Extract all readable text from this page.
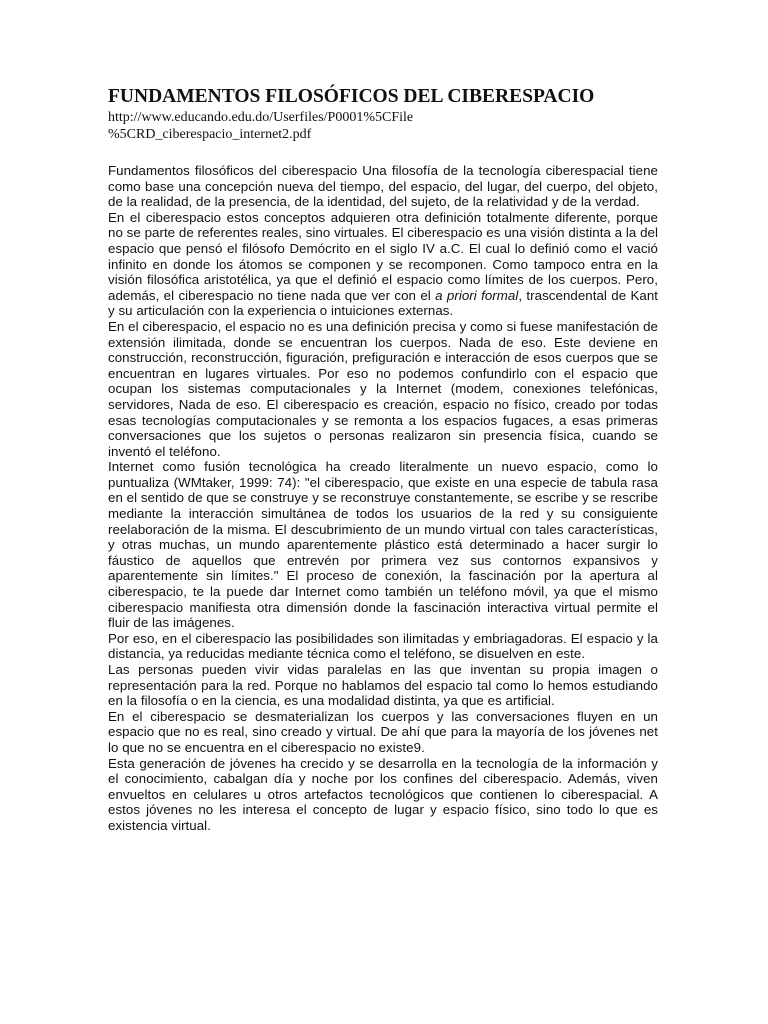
FUNDAMENTOS FILOSÓFICOS DEL CIBERESPACIO
http://www.educando.edu.do/Userfiles/P0001%5CFile
%5CRD_ciberespacio_internet2.pdf

Fundamentos filosóficos del ciberespacio Una filosofía de la tecnología ciberespacial tiene como base una concepción nueva del tiempo, del espacio, del lugar, del cuerpo, del objeto, de la realidad, de la presencia, de la identidad, del sujeto, de la relatividad y de la verdad.

En el ciberespacio estos conceptos adquieren otra definición totalmente diferente, porque no se parte de referentes reales, sino virtuales. El ciberespacio es una visión distinta a la del espacio que pensó el filósofo Demócrito en el siglo IV a.C. El cual lo definió como el vació infinito en donde los átomos se componen y se recomponen. Como tampoco entra en la visión filosófica aristotélica, ya que el definió el espacio como límites de los cuerpos. Pero, además, el ciberespacio no tiene nada que ver con el a priori formal, trascendental de Kant y su articulación con la experiencia o intuiciones externas.

En el ciberespacio, el espacio no es una definición precisa y como si fuese manifestación de extensión ilimitada, donde se encuentran los cuerpos. Nada de eso. Este deviene en construcción, reconstrucción, figuración, prefiguración e interacción de esos cuerpos que se encuentran en lugares virtuales. Por eso no podemos confundirlo con el espacio que ocupan los sistemas computacionales y la Internet (modem, conexiones telefónicas, servidores, Nada de eso. El ciberespacio es creación, espacio no físico, creado por todas esas tecnologías computacionales y se remonta a los espacios fugaces, a esas primeras conversaciones que los sujetos o personas realizaron sin presencia física, cuando se inventó el teléfono.

Internet como fusión tecnológica ha creado literalmente un nuevo espacio, como lo puntualiza (WMtaker, 1999: 74): "el ciberespacio, que existe en una especie de tabula rasa en el sentido de que se construye y se reconstruye constantemente, se escribe y se rescribe mediante la interacción simultánea de todos los usuarios de la red y su consiguiente reelaboración de la misma. El descubrimiento de un mundo virtual con tales características, y otras muchas, un mundo aparentemente plástico está determinado a hacer surgir lo fáustico de aquellos que entrevén por primera vez sus contornos expansivos y aparentemente sin límites." El proceso de conexión, la fascinación por la apertura al ciberespacio, te la puede dar Internet como también un teléfono móvil, ya que el mismo ciberespacio manifiesta otra dimensión donde la fascinación interactiva virtual permite el fluir de las imágenes.

Por eso, en el ciberespacio las posibilidades son ilimitadas y embriagadoras. El espacio y la distancia, ya reducidas mediante técnica como el teléfono, se disuelven en este.

Las personas pueden vivir vidas paralelas en las que inventan su propia imagen o representación para la red. Porque no hablamos del espacio tal como lo hemos estudiando en la filosofía o en la ciencia, es una modalidad distinta, ya que es artificial.

En el ciberespacio se desmaterializan los cuerpos y las conversaciones fluyen en un espacio que no es real, sino creado y virtual. De ahí que para la mayoría de los jóvenes net lo que no se encuentra en el ciberespacio no existe9.

Esta generación de jóvenes ha crecido y se desarrolla en la tecnología de la información y el conocimiento, cabalgan día y noche por los confines del ciberespacio. Además, viven envueltos en celulares u otros artefactos tecnológicos que contienen lo ciberespacial. A estos jóvenes no les interesa el concepto de lugar y espacio físico, sino todo lo que es existencia virtual.
